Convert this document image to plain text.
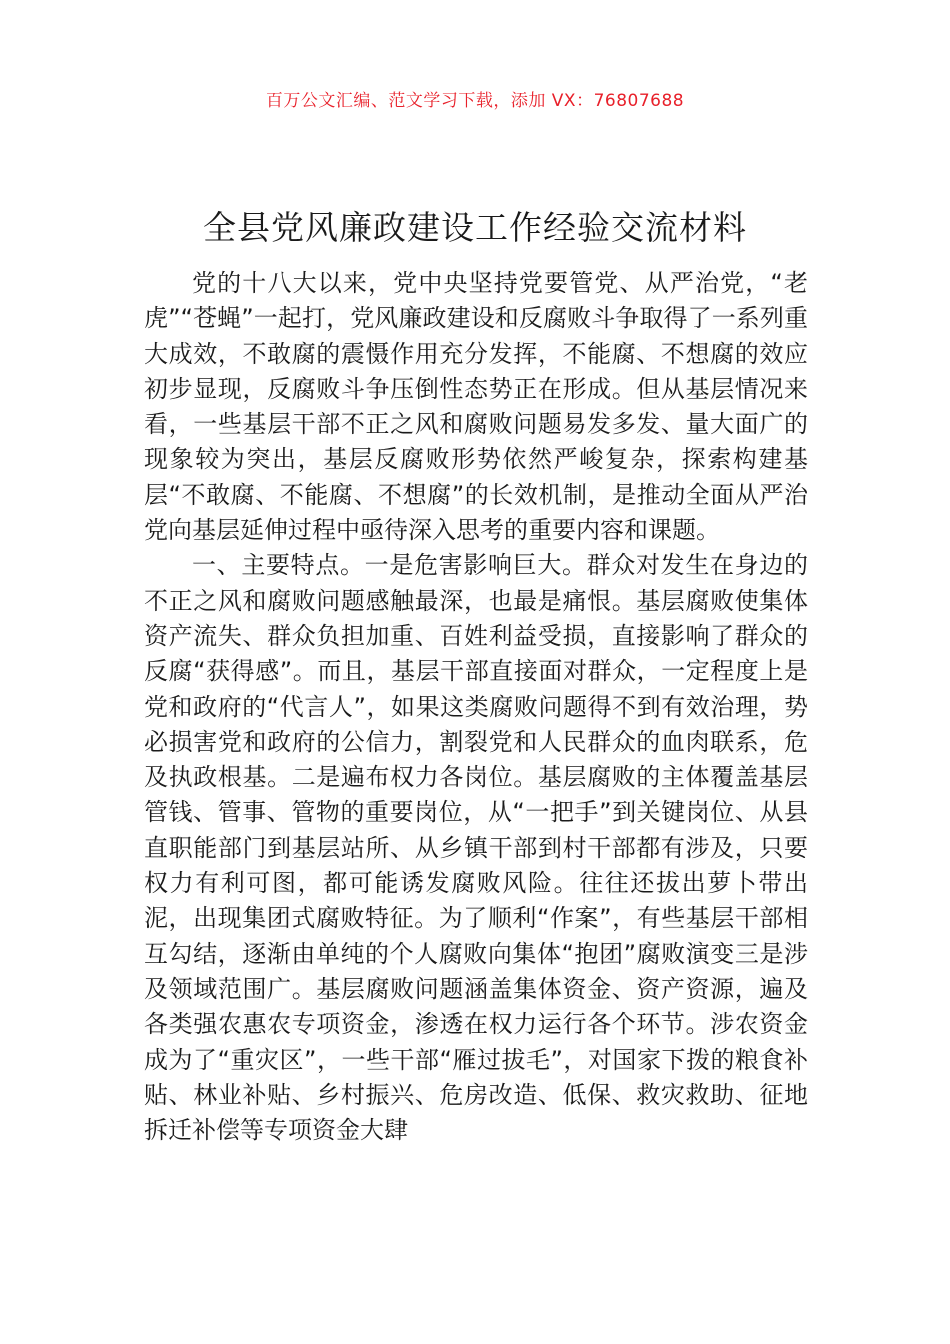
百万公文汇编、范文学习下载，添加 VX：76807688
全县党风廉政建设工作经验交流材料

党的十八大以来，党中央坚持党要管党、从严治党，“老虎”“苍蝇”一起打，党风廉政建设和反腐败斗争取得了一系列重大成效，不敢腐的震慑作用充分发挥，不能腐、不想腐的效应初步显现，反腐败斗争压倒性态势正在形成。但从基层情况来看，一些基层干部不正之风和腐败问题易发多发、量大面广的现象较为突出，基层反腐败形势依然严峻复杂，探索构建基层“不敢腐、不能腐、不想腐”的长效机制，是推动全面从严治党向基层延伸过程中亟待深入思考的重要内容和课题。

一、主要特点。一是危害影响巨大。群众对发生在身边的不正之风和腐败问题感触最深，也最是痛恨。基层腐败使集体资产流失、群众负担加重、百姓利益受损，直接影响了群众的反腐“获得感”。而且，基层干部直接面对群众，一定程度上是党和政府的“代言人”，如果这类腐败问题得不到有效治理，势必损害党和政府的公信力，割裂党和人民群众的血肉联系，危及执政根基。二是遍布权力各岗位。基层腐败的主体覆盖基层管钱、管事、管物的重要岗位，从“一把手”到关键岗位、从县直职能部门到基层站所、从乡镇干部到村干部都有涉及，只要权力有利可图，都可能诱发腐败风险。往往还拔出萝卜带出泥，出现集团式腐败特征。为了顺利“作案”，有些基层干部相互勾结，逐渐由单纯的个人腐败向集体“抱团”腐败演变三是涉及领域范围广。基层腐败问题涵盖集体资金、资产资源，遍及各类强农惠农专项资金，渗透在权力运行各个环节。涉农资金成为了“重灾区”，一些干部“雁过拔毛”，对国家下拨的粮食补贴、林业补贴、乡村振兴、危房改造、低保、救灾救助、征地拆迁补偿等专项资金大肆
